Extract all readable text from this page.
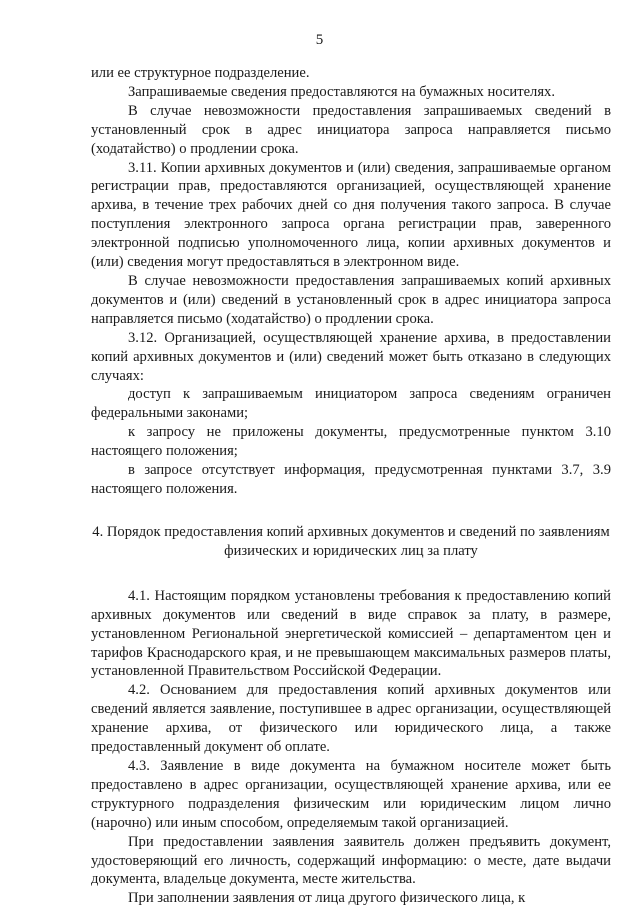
5

или ее структурное подразделение.

Запрашиваемые сведения предоставляются на бумажных носителях.

В случае невозможности предоставления запрашиваемых сведений в установленный срок в адрес инициатора запроса направляется письмо (ходатайство) о продлении срока.

3.11. Копии архивных документов и (или) сведения, запрашиваемые органом регистрации прав, предоставляются организацией, осуществляющей хранение архива, в течение трех рабочих дней со дня получения такого запроса. В случае поступления электронного запроса органа регистрации прав, заверенного электронной подписью уполномоченного лица, копии архивных документов и (или) сведения могут предоставляться в электронном виде.

В случае невозможности предоставления запрашиваемых копий архивных документов и (или) сведений в установленный срок в адрес инициатора запроса направляется письмо (ходатайство) о продлении срока.

3.12. Организацией, осуществляющей хранение архива, в предоставлении копий архивных документов и (или) сведений может быть отказано в следующих случаях:

доступ к запрашиваемым инициатором запроса сведениям ограничен федеральными законами;

к запросу не приложены документы, предусмотренные пунктом 3.10 настоящего положения;

в запросе отсутствует информация, предусмотренная пунктами 3.7, 3.9 настоящего положения.

4. Порядок предоставления копий архивных документов и сведений по заявлениям физических и юридических лиц за плату

4.1. Настоящим порядком установлены требования к предоставлению копий архивных документов или сведений в виде справок за плату, в размере, установленном Региональной энергетической комиссией – департаментом цен и тарифов Краснодарского края, и не превышающем максимальных размеров платы, установленной Правительством Российской Федерации.

4.2. Основанием для предоставления копий архивных документов или сведений является заявление, поступившее в адрес организации, осуществляющей хранение архива, от физического или юридического лица, а также предоставленный документ об оплате.

4.3. Заявление в виде документа на бумажном носителе может быть предоставлено в адрес организации, осуществляющей хранение архива, или ее структурного подразделения физическим или юридическим лицом лично (нарочно) или иным способом, определяемым такой организацией.

При предоставлении заявления заявитель должен предъявить документ, удостоверяющий его личность, содержащий информацию: о месте, дате выдачи документа, владельце документа, месте жительства.

При заполнении заявления от лица другого физического лица, к
